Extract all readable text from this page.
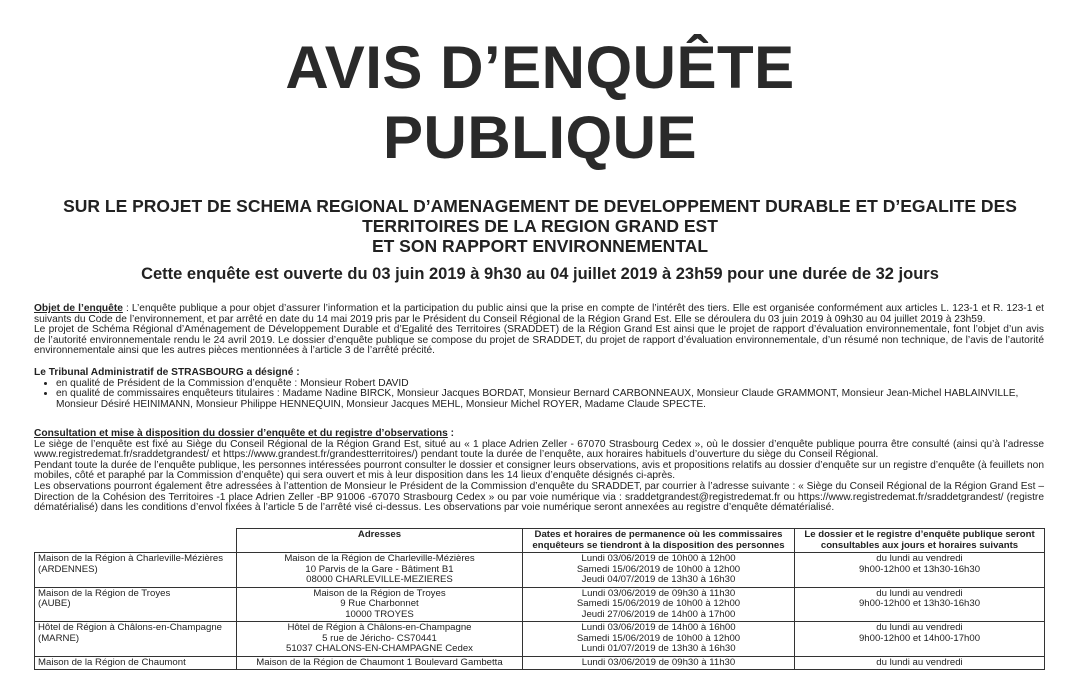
AVIS D’ENQUÊTE
PUBLIQUE
SUR LE PROJET DE SCHEMA REGIONAL D’AMENAGEMENT DE DEVELOPPEMENT DURABLE ET D’EGALITE DES
TERRITOIRES DE LA REGION GRAND EST
ET SON RAPPORT ENVIRONNEMENTAL
Cette enquête est ouverte du 03 juin 2019 à 9h30 au 04 juillet 2019 à 23h59 pour une durée de 32 jours

Objet de l’enquête : L’enquête publique a pour objet d’assurer l’information et la participation du public ainsi que la prise en compte de l’intérêt des tiers. Elle est organisée conformément aux articles L. 123-1 et R. 123-1 et suivants du Code de l’environnement, et par arrêté en date du 14 mai 2019 pris par le Président du Conseil Régional de la Région Grand Est. Elle se déroulera du 03 juin 2019 à 09h30 au 04 juillet 2019 à 23h59.

Le projet de Schéma Régional d’Aménagement de Développement Durable et d’Egalité des Territoires (SRADDET) de la Région Grand Est ainsi que le projet de rapport d’évaluation environnementale, font l’objet d’un avis de l’autorité environnementale rendu le 24 avril 2019. Le dossier d’enquête publique se compose du projet de SRADDET, du projet de rapport d’évaluation environnementale, d’un résumé non technique, de l’avis de l’autorité environnementale ainsi que les autres pièces mentionnées à l’article 3 de l’arrêté précité.

Le Tribunal Administratif de STRASBOURG a désigné :

• en qualité de Président de la Commission d’enquête : Monsieur Robert DAVID
• en qualité de commissaires enquêteurs titulaires : Madame Nadine BIRCK, Monsieur Jacques BORDAT, Monsieur Bernard CARBONNEAUX, Monsieur Claude GRAMMONT, Monsieur Jean-Michel HABLAINVILLE, Monsieur Désiré HEINIMANN, Monsieur Philippe HENNEQUIN, Monsieur Jacques MEHL, Monsieur Michel ROYER, Madame Claude SPECTE.

Consultation et mise à disposition du dossier d’enquête et du registre d’observations :

Le siège de l’enquête est fixé au Siège du Conseil Régional de la Région Grand Est, situé au « 1 place Adrien Zeller - 67070 Strasbourg Cedex », où le dossier d’enquête publique pourra être consulté (ainsi qu’à l’adresse www.registredemat.fr/sraddetgrandest/ et https://www.grandest.fr/grandestterritoires/) pendant toute la durée de l’enquête, aux horaires habituels d’ouverture du siège du Conseil Régional.

Pendant toute la durée de l’enquête publique, les personnes intéressées pourront consulter le dossier et consigner leurs observations, avis et propositions relatifs au dossier d’enquête sur un registre d’enquête (à feuillets non mobiles, côté et paraphé par la Commission d’enquête) qui sera ouvert et mis à leur disposition dans les 14 lieux d’enquête désignés ci-après.

Les observations pourront également être adressées à l’attention de Monsieur le Président de la Commission d’enquête du SRADDET, par courrier à l’adresse suivante : « Siège du Conseil Régional de la Région Grand Est – Direction de la Cohésion des Territoires -1 place Adrien Zeller -BP 91006 -67070 Strasbourg Cedex » ou par voie numérique via : sraddetgrandest@registredemat.fr ou https://www.registredemat.fr/sraddetgrandest/ (registre dématérialisé) dans les conditions d’envol fixées à l’article 5 de l’arrêté visé ci-dessus. Les observations par voie numérique seront annexées au registre d’enquête dématérialisé.

	Adresses	Dates et horaires de permanence où les commissaires enquêteurs se tiendront à la disposition des personnes	Le dossier et le registre d’enquête publique seront consultables aux jours et horaires suivants

Maison de la Région à Charleville-Mézières
(ARDENNES)	Maison de la Région de Charleville-Mézières
10 Parvis de la Gare - Bâtiment B1
08000 CHARLEVILLE-MEZIERES	Lundi 03/06/2019 de 10h00 à 12h00
Samedi 15/06/2019 de 10h00 à 12h00
Jeudi 04/07/2019 de 13h30 à 16h30	du lundi au vendredi
9h00-12h00 et 13h30-16h30

Maison de la Région de Troyes
(AUBE)	Maison de la Région de Troyes
9 Rue Charbonnet
10000 TROYES	Lundi 03/06/2019 de 09h30 à 11h30
Samedi 15/06/2019 de 10h00 à 12h00
Jeudi 27/06/2019 de 14h00 à 17h00	du lundi au vendredi
9h00-12h00 et 13h30-16h30

Hôtel de Région à Châlons-en-Champagne
(MARNE)	Hôtel de Région à Châlons-en-Champagne
5 rue de Jéricho- CS70441
51037 CHALONS-EN-CHAMPAGNE Cedex	Lundi 03/06/2019 de 14h00 à 16h00
Samedi 15/06/2019 de 10h00 à 12h00
Lundi 01/07/2019 de 13h30 à 16h30	du lundi au vendredi
9h00-12h00 et 14h00-17h00

Maison de la Région de Chaumont	Maison de la Région de Chaumont 1 Boulevard Gambetta	Lundi 03/06/2019 de 09h30 à 11h30	du lundi au vendredi
